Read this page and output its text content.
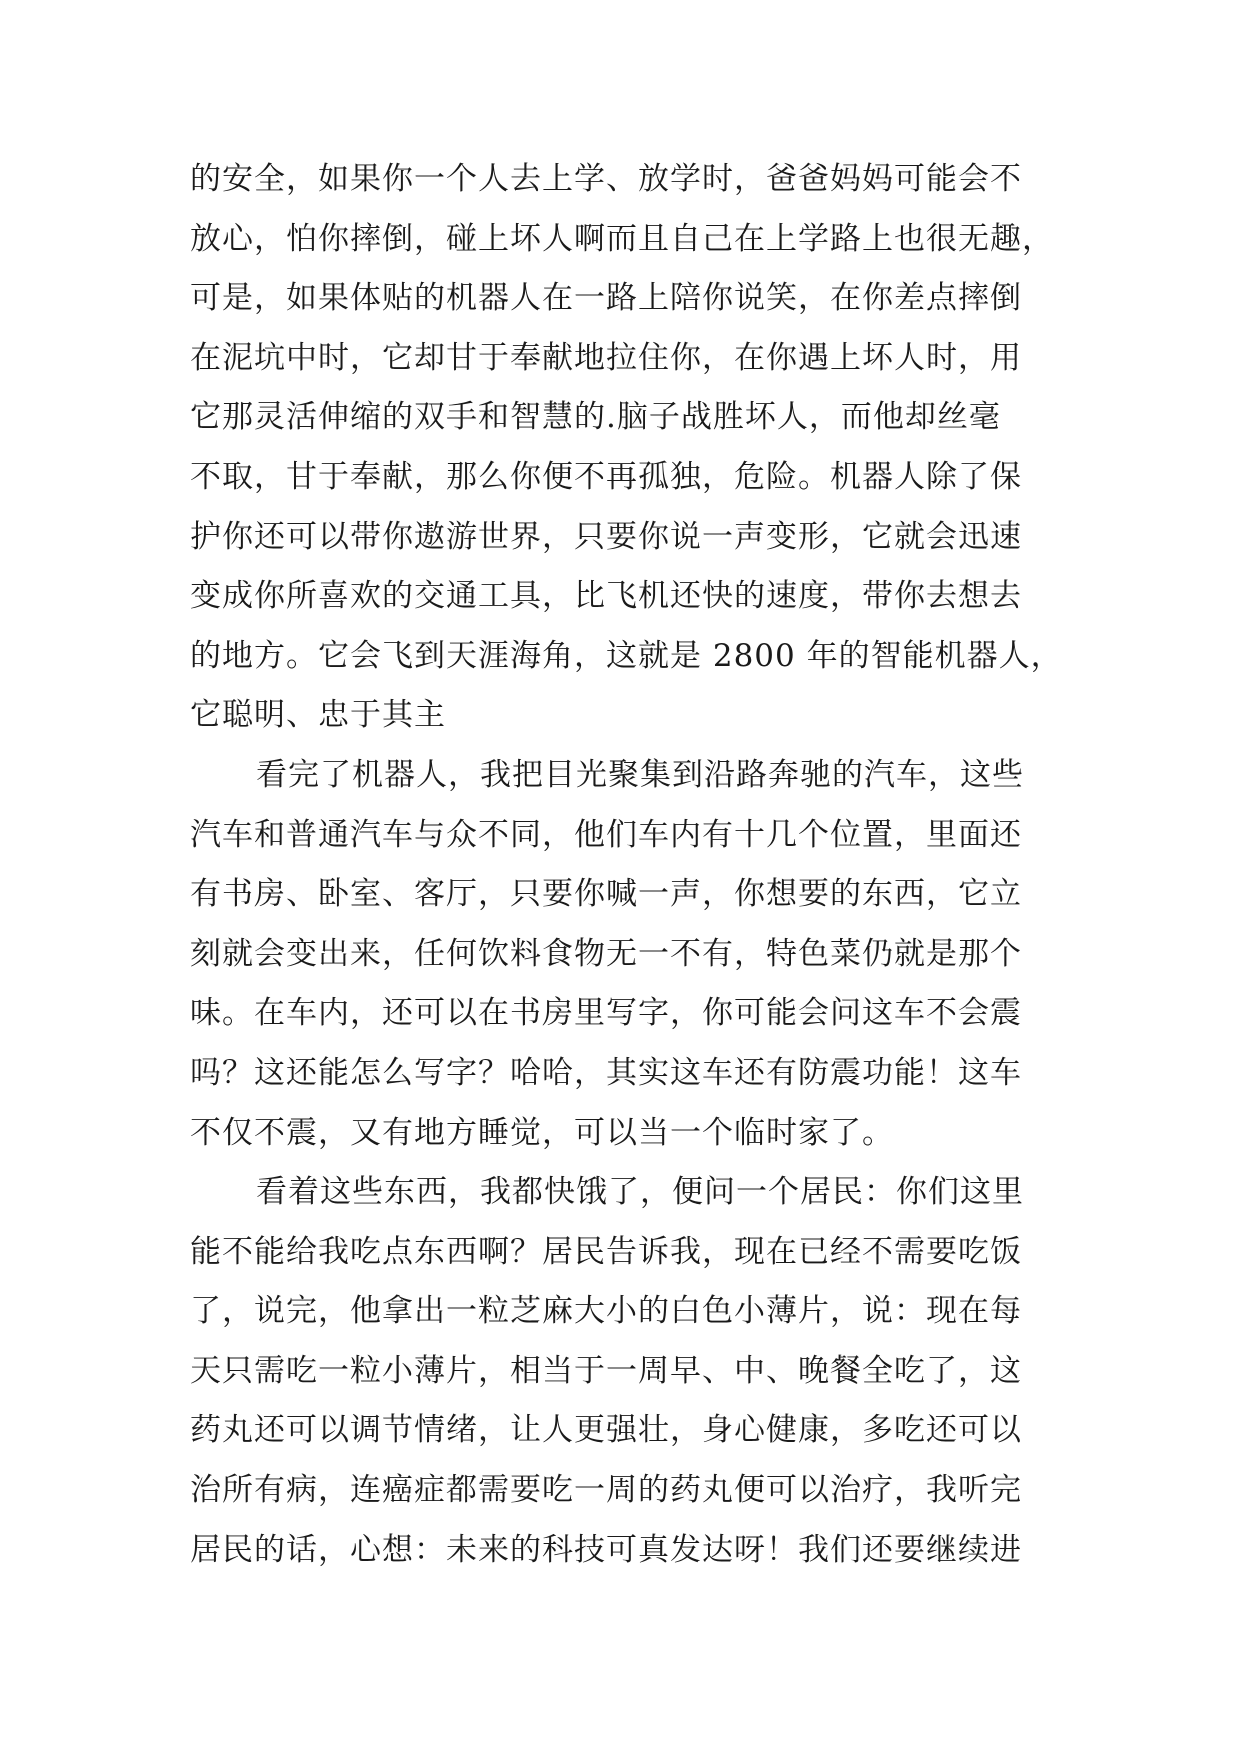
的安全，如果你一个人去上学、放学时，爸爸妈妈可能会不
放心，怕你摔倒，碰上坏人啊而且自己在上学路上也很无趣，
可是，如果体贴的机器人在一路上陪你说笑，在你差点摔倒
在泥坑中时，它却甘于奉献地拉住你，在你遇上坏人时，用
它那灵活伸缩的双手和智慧的.脑子战胜坏人，而他却丝毫
不取，甘于奉献，那么你便不再孤独，危险。机器人除了保
护你还可以带你遨游世界，只要你说一声变形，它就会迅速
变成你所喜欢的交通工具，比飞机还快的速度，带你去想去
的地方。它会飞到天涯海角，这就是 2800 年的智能机器人，
它聪明、忠于其主
看完了机器人，我把目光聚集到沿路奔驰的汽车，这些
汽车和普通汽车与众不同，他们车内有十几个位置，里面还
有书房、卧室、客厅，只要你喊一声，你想要的东西，它立
刻就会变出来，任何饮料食物无一不有，特色菜仍就是那个
味。在车内，还可以在书房里写字，你可能会问这车不会震
吗？这还能怎么写字？哈哈，其实这车还有防震功能！这车
不仅不震，又有地方睡觉，可以当一个临时家了。
看着这些东西，我都快饿了，便问一个居民：你们这里
能不能给我吃点东西啊？居民告诉我，现在已经不需要吃饭
了，说完，他拿出一粒芝麻大小的白色小薄片，说：现在每
天只需吃一粒小薄片，相当于一周早、中、晚餐全吃了，这
药丸还可以调节情绪，让人更强壮，身心健康，多吃还可以
治所有病，连癌症都需要吃一周的药丸便可以治疗，我听完
居民的话，心想：未来的科技可真发达呀！我们还要继续进
